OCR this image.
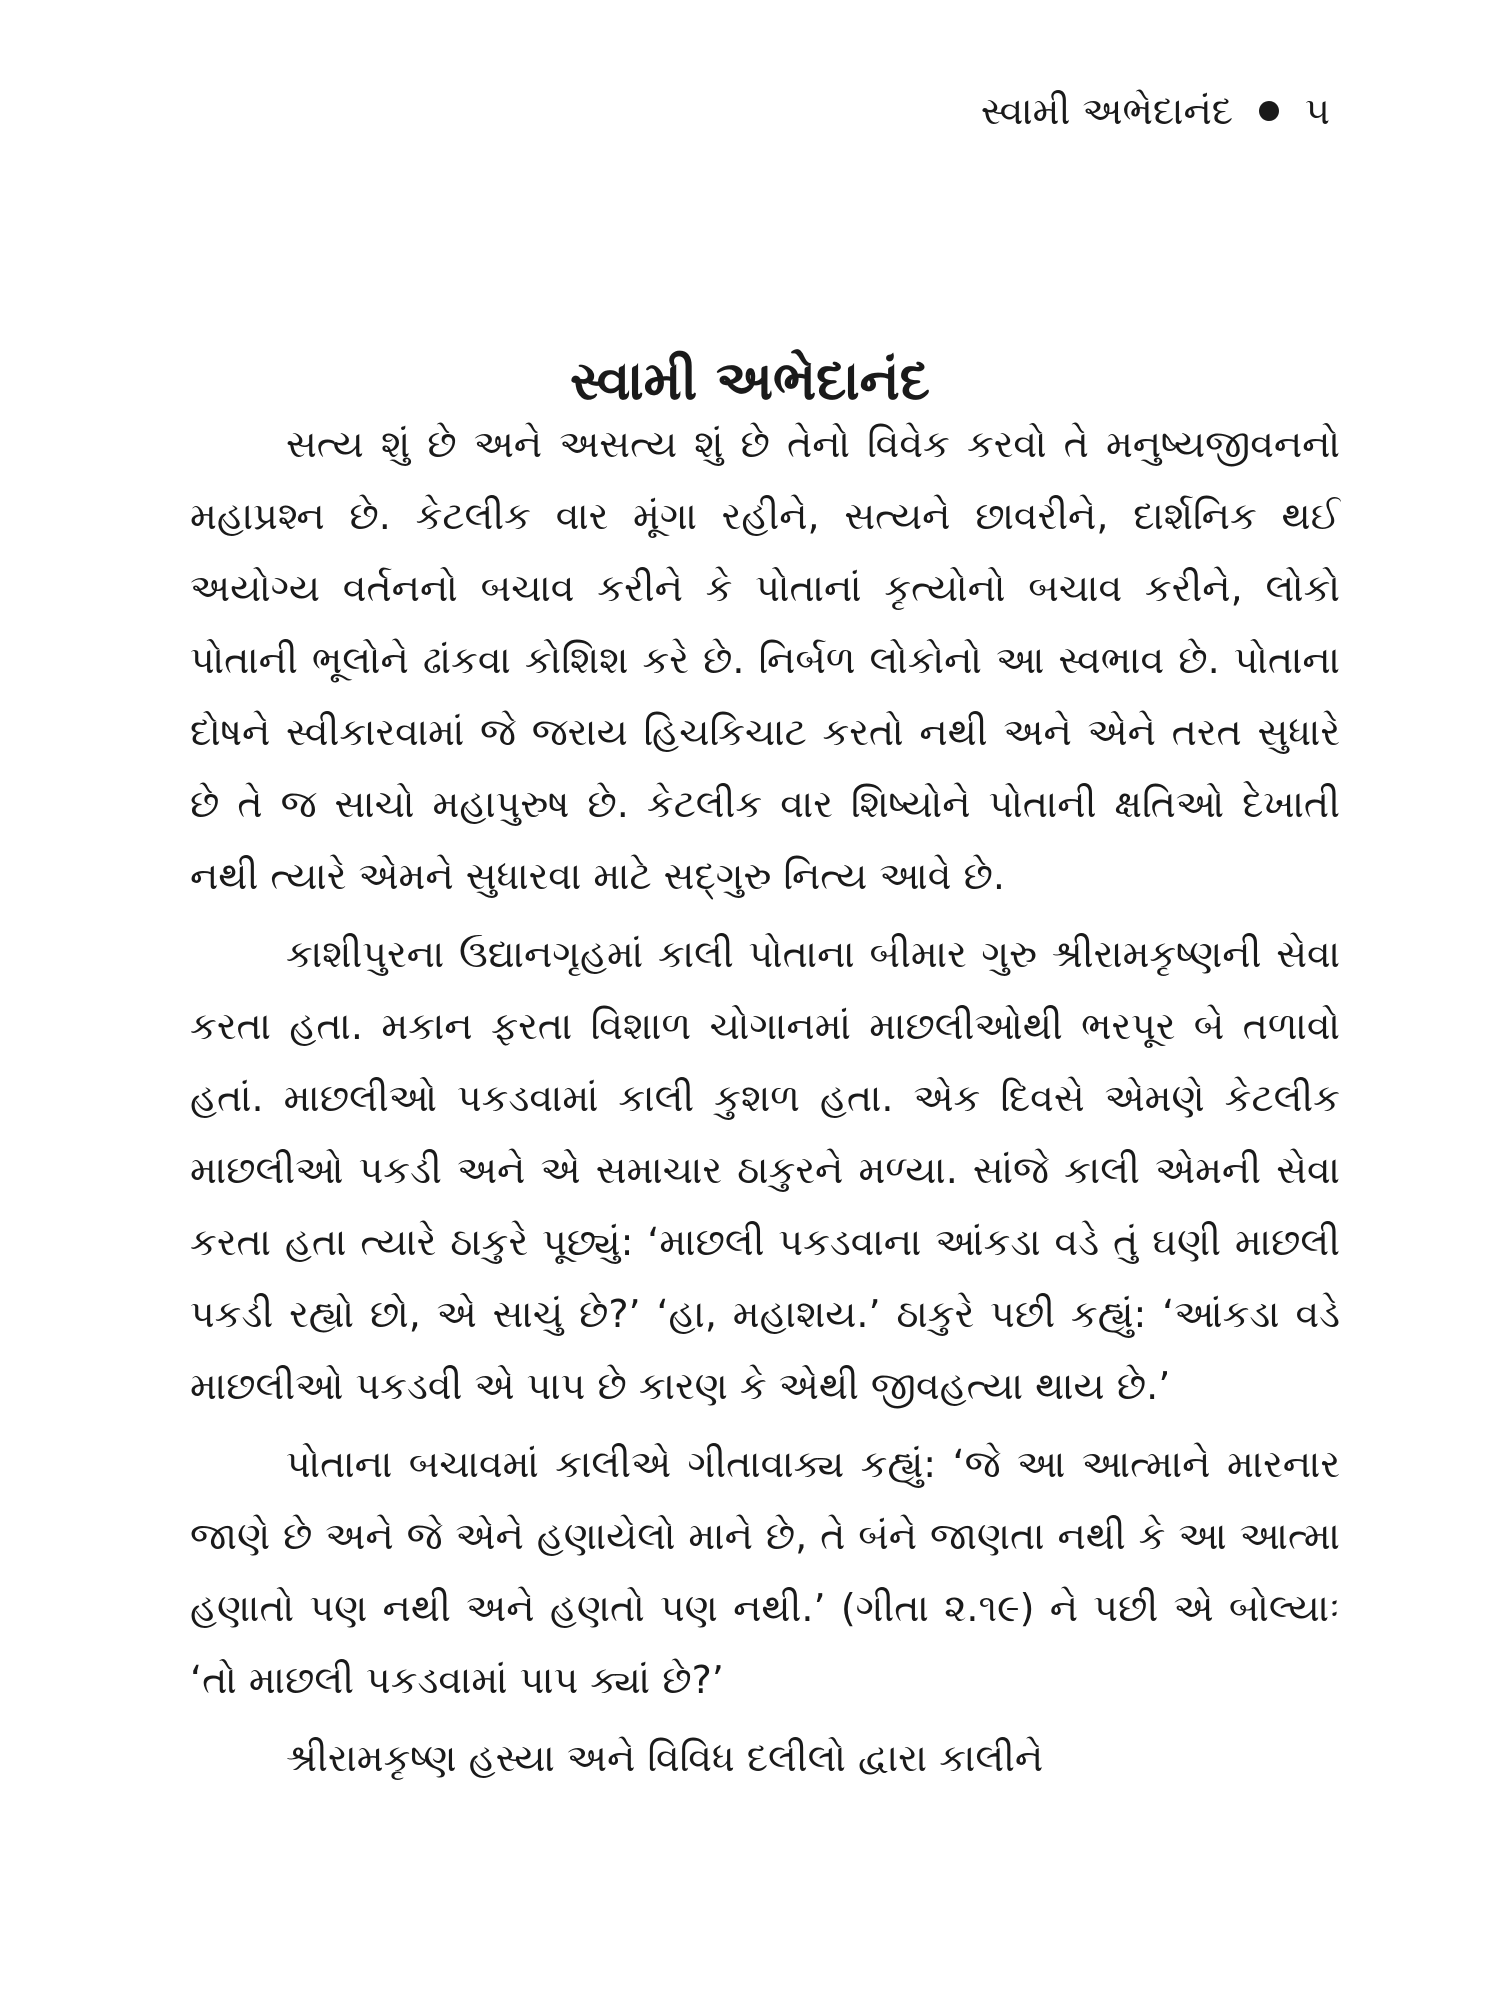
સ્વામી અભેદાનંદ ૫
સ્વામી અભેદાનંદ

સત્ય શું છે અને અસત્ય શું છે તેનો વિવેક કરવો તે મનુષ્યજીવનનો મહાપ્રશ્ન છે. કેટલીક વાર મૂંગા રહીને, સત્યને છાવરીને, દાર્શનિક થઈ અયોગ્ય વર્તનનો બચાવ કરીને કે પોતાનાં કૃત્યોનો બચાવ કરીને, લોકો પોતાની ભૂલોને ઢાંકવા કોશિશ કરે છે. નિર્બળ લોકોનો આ સ્વભાવ છે. પોતાના દોષને સ્વીકારવામાં જે જરાય હિચકિચાટ કરતો નથી અને એને તરત સુધારે છે તે જ સાચો મહાપુરુષ છે. કેટલીક વાર શિષ્યોને પોતાની ક્ષતિઓ દેખાતી નથી ત્યારે એમને સુધારવા માટે સદ્ગુરુ નિત્ય આવે છે.

કાશીપુરના ઉદ્યાનગૃહમાં કાલી પોતાના બીમાર ગુરુ શ્રીરામકૃષ્ણની સેવા કરતા હતા. મકાન ફરતા વિશાળ ચોગાનમાં માછલીઓથી ભરપૂર બે તળાવો હતાં. માછલીઓ પકડવામાં કાલી કુશળ હતા. એક દિવસે એમણે કેટલીક માછલીઓ પકડી અને એ સમાચાર ઠાકુરને મળ્યા. સાંજે કાલી એમની સેવા કરતા હતા ત્યારે ઠાકુરે પૂછ્યું: ‘માછલી પકડવાના આંકડા વડે તું ઘણી માછલી પકડી રહ્યો છો, એ સાચું છે?’ ‘હા, મહાશય.’ ઠાકુરે પછી કહ્યું: ‘આંકડા વડે માછલીઓ પકડવી એ પાપ છે કારણ કે એથી જીવહત્યા થાય છે.’

પોતાના બચાવમાં કાલીએ ગીતાવાક્ય કહ્યું: ‘જે આ આત્માને મારનાર જાણે છે અને જે એને હણાયેલો માને છે, તે બંને જાણતા નથી કે આ આત્મા હણાતો પણ નથી અને હણતો પણ નથી.’ (ગીતા ૨.૧૯) ને પછી એ બોલ્યાઃ ‘તો માછલી પકડવામાં પાપ ક્યાં છે?’

શ્રીરામકૃષ્ણ હસ્યા અને વિવિધ દલીલો દ્વારા કાલીને
